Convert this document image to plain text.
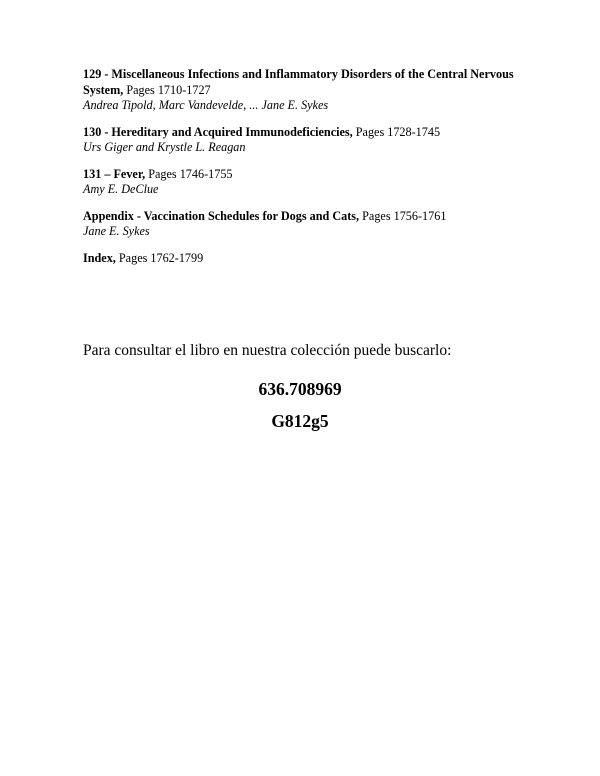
129 - Miscellaneous Infections and Inflammatory Disorders of the Central Nervous System, Pages 1710-1727
Andrea Tipold, Marc Vandevelde, ... Jane E. Sykes
130 - Hereditary and Acquired Immunodeficiencies, Pages 1728-1745
Urs Giger and Krystle L. Reagan
131 – Fever, Pages 1746-1755
Amy E. DeClue
Appendix - Vaccination Schedules for Dogs and Cats, Pages 1756-1761
Jane E. Sykes
Index, Pages 1762-1799
Para consultar el libro en nuestra colección puede buscarlo:
636.708969
G812g5
